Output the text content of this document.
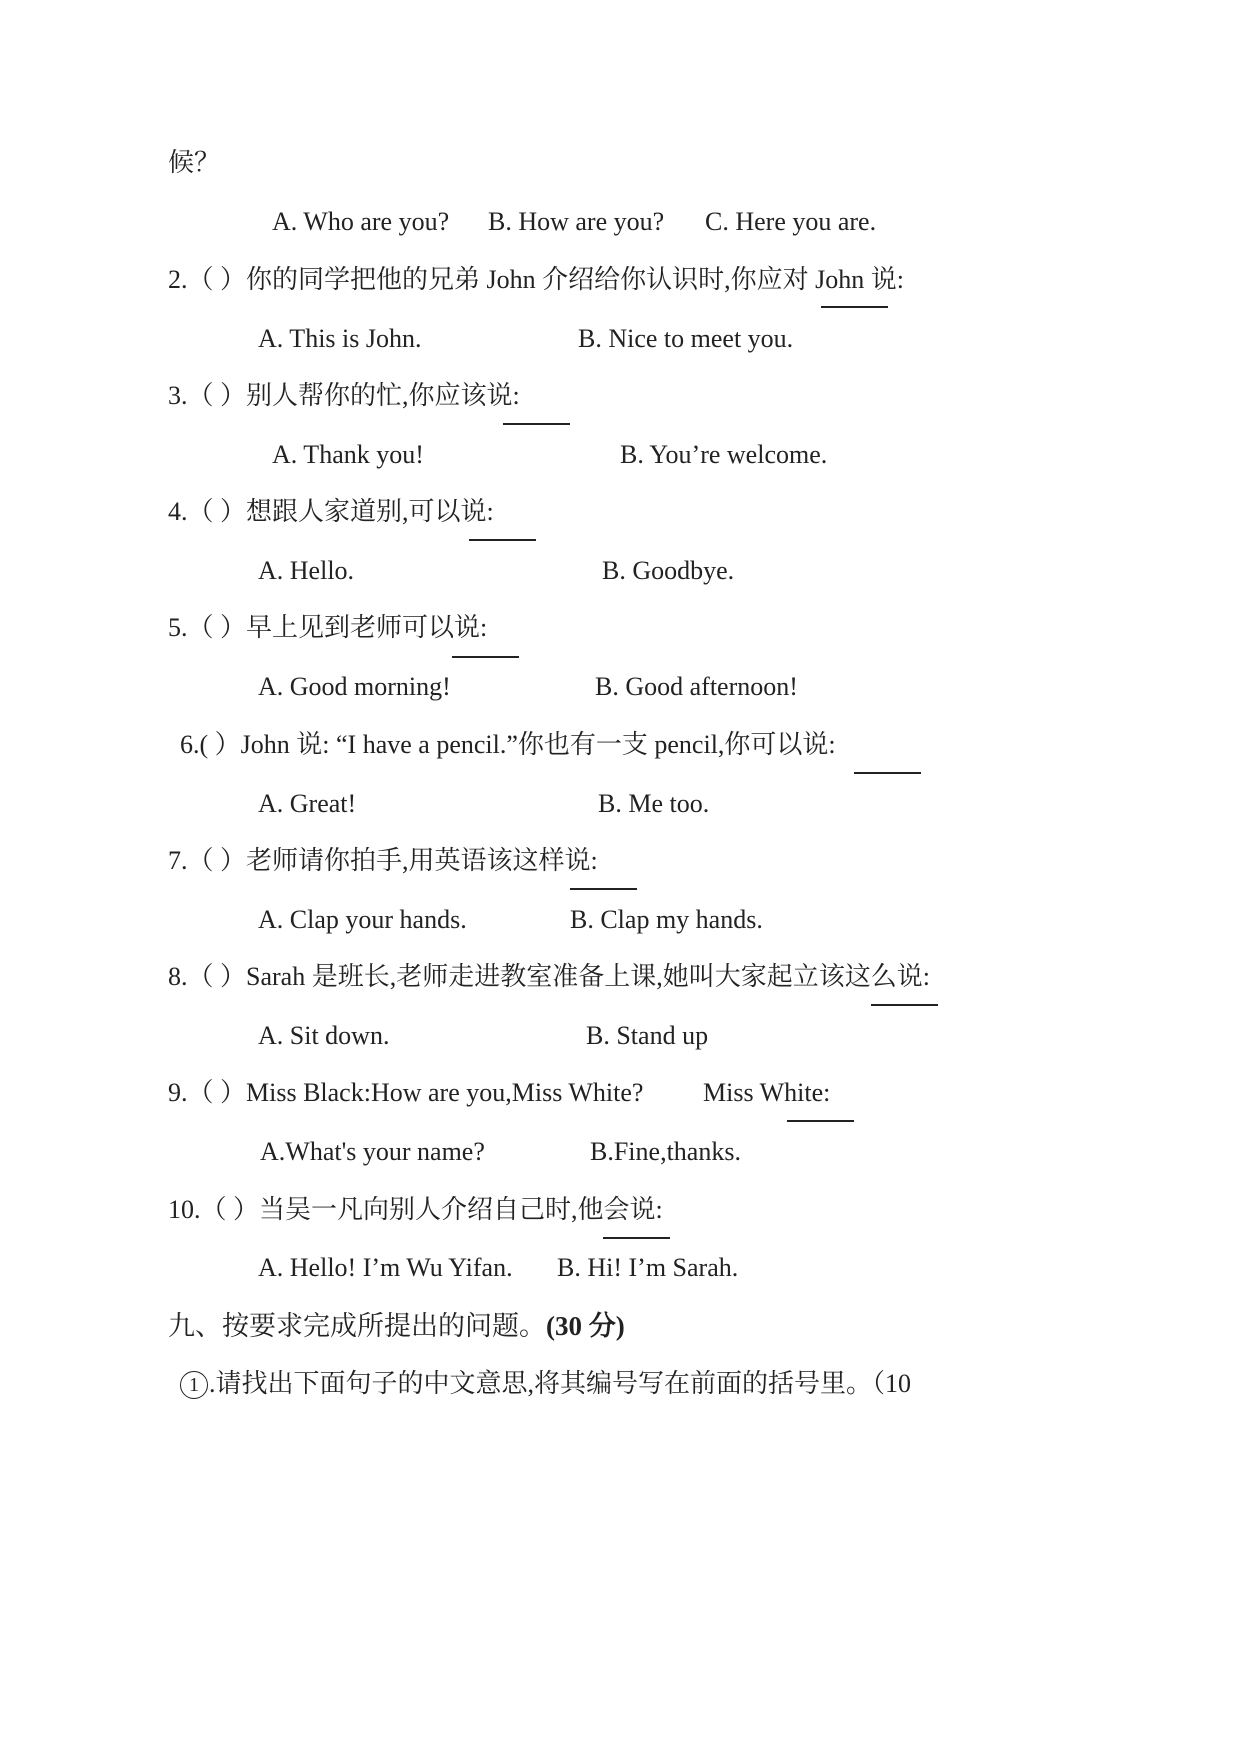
候？
A. Who are you? B. How are you? C. Here you are.
2.（ ）你的同学把他的兄弟 John 介绍给你认识时,你应对 John 说:
A. This is John.	B. Nice to meet you.
3.（ ）别人帮你的忙,你应该说:
A. Thank you!	B. You’re welcome.
4.（ ）想跟人家道别,可以说:
A. Hello.	B. Goodbye.
5.（ ）早上见到老师可以说:
A. Good morning!	B. Good afternoon!
6.( ）John 说: “I have a pencil.”你也有一支 pencil,你可以说:
A. Great!	B. Me too.
7.（ ）老师请你拍手,用英语该这样说:
A. Clap your hands.	B. Clap my hands.
8.（ ）Sarah 是班长,老师走进教室准备上课,她叫大家起立该这么说:
A. Sit down.	B. Stand up
9.（ ）Miss Black:How are you,Miss White? Miss White:
A.What's your name?	B.Fine,thanks.
10.（ ）当吴一凡向别人介绍自己时,他会说:
A. Hello! I’m Wu Yifan. B. Hi! I’m Sarah.
九、按要求完成所提出的问题。(30 分)
1 .请找出下面句子的中文意思,将其编号写在前面的括号里。（10
